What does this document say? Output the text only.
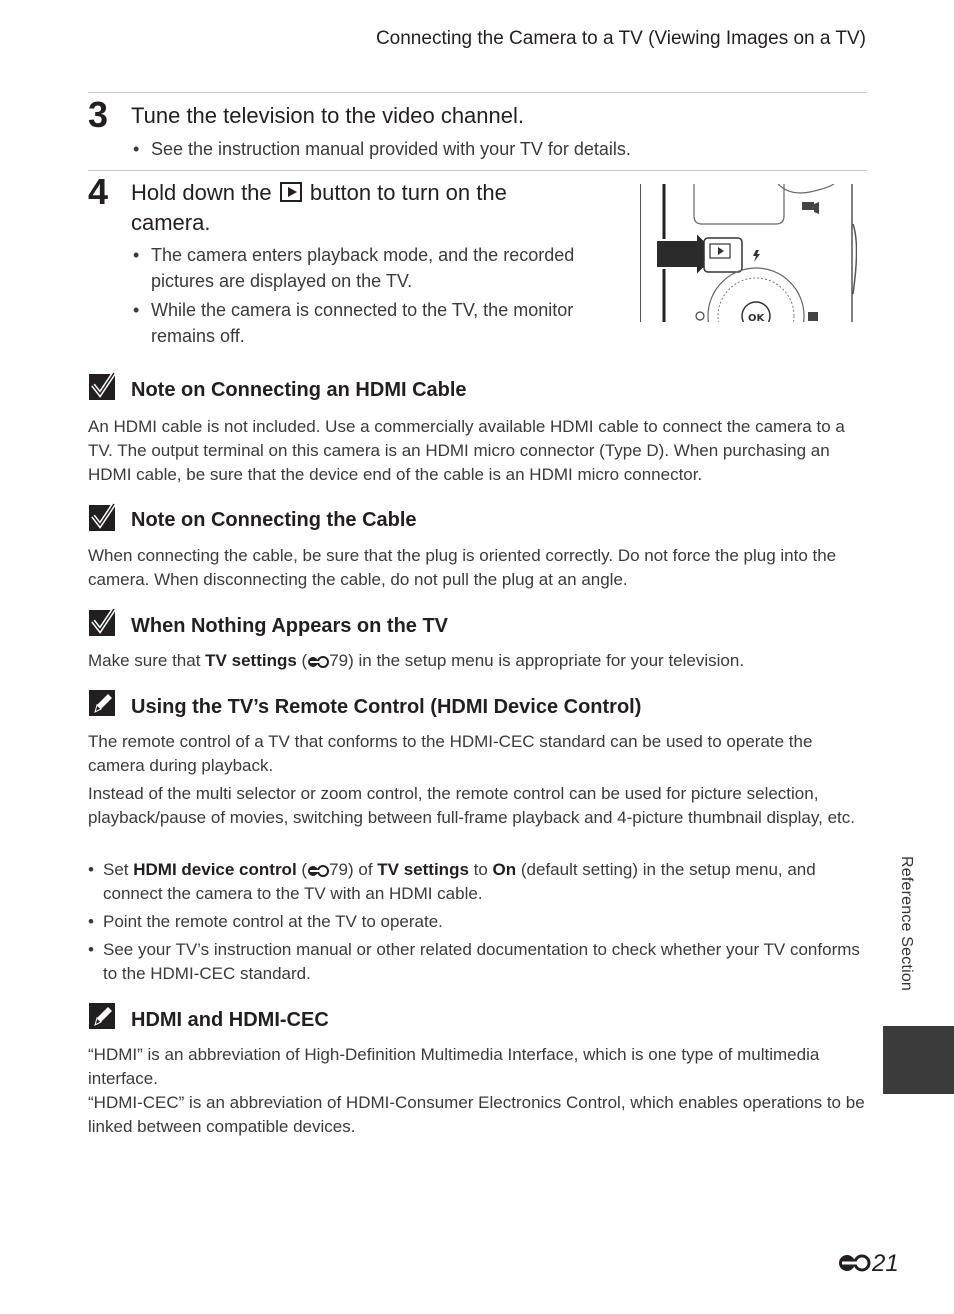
Connecting the Camera to a TV (Viewing Images on a TV)
3 Tune the television to the video channel.
• See the instruction manual provided with your TV for details.
4 Hold down the button to turn on the
camera.
• The camera enters playback mode, and the recorded pictures are displayed on the TV.
• While the camera is connected to the TV, the monitor remains off.
OK
Note on Connecting an HDMI Cable

An HDMI cable is not included. Use a commercially available HDMI cable to connect the camera to a TV. The output terminal on this camera is an HDMI micro connector (Type D). When purchasing an HDMI cable, be sure that the device end of the cable is an HDMI micro connector.

Note on Connecting the Cable

When connecting the cable, be sure that the plug is oriented correctly. Do not force the plug into the camera. When disconnecting the cable, do not pull the plug at an angle.

When Nothing Appears on the TV

Make sure that TV settings ( 79) in the setup menu is appropriate for your television.

Using the TV’s Remote Control (HDMI Device Control)

The remote control of a TV that conforms to the HDMI-CEC standard can be used to operate the camera during playback.

Instead of the multi selector or zoom control, the remote control can be used for picture selection, playback/pause of movies, switching between full-frame playback and 4-picture thumbnail display, etc.

• Set HDMI device control ( 79) of TV settings to On (default setting) in the setup menu, and connect the camera to the TV with an HDMI cable.
• Point the remote control at the TV to operate.
• See your TV’s instruction manual or other related documentation to check whether your TV conforms to the HDMI-CEC standard.
HDMI and HDMI-CEC

“HDMI” is an abbreviation of High-Definition Multimedia Interface, which is one type of multimedia interface.

“HDMI-CEC” is an abbreviation of HDMI-Consumer Electronics Control, which enables operations to be linked between compatible devices.

Reference Section
21
